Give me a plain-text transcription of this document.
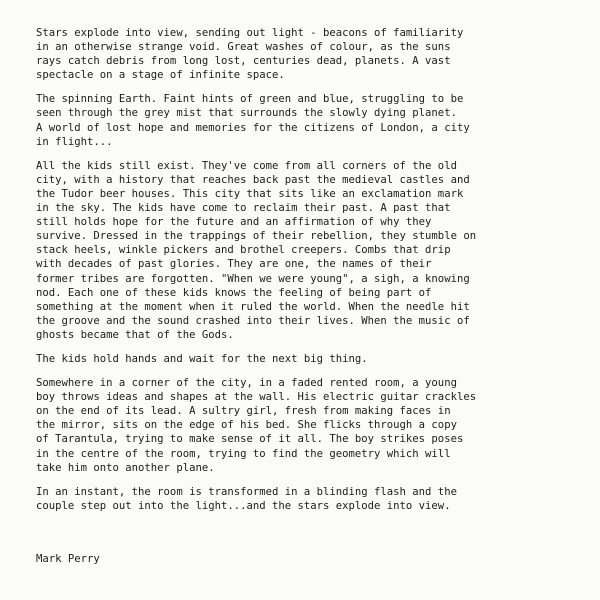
Stars explode into view, sending out light - beacons of familiarity
in an otherwise strange void. Great washes of colour, as the suns
rays catch debris from long lost, centuries dead, planets. A vast
spectacle on a stage of infinite space.

The spinning Earth. Faint hints of green and blue, struggling to be
seen through the grey mist that surrounds the slowly dying planet.
A world of lost hope and memories for the citizens of London, a city
in flight...

All the kids still exist. They've come from all corners of the old
city, with a history that reaches back past the medieval castles and
the Tudor beer houses. This city that sits like an exclamation mark
in the sky. The kids have come to reclaim their past. A past that
still holds hope for the future and an affirmation of why they
survive. Dressed in the trappings of their rebellion, they stumble on
stack heels, winkle pickers and brothel creepers. Combs that drip
with decades of past glories. They are one, the names of their
former tribes are forgotten. "When we were young", a sigh, a knowing
nod. Each one of these kids knows the feeling of being part of
something at the moment when it ruled the world. When the needle hit
the groove and the sound crashed into their lives. When the music of
ghosts became that of the Gods.

The kids hold hands and wait for the next big thing.

Somewhere in a corner of the city, in a faded rented room, a young
boy throws ideas and shapes at the wall. His electric guitar crackles
on the end of its lead. A sultry girl, fresh from making faces in
the mirror, sits on the edge of his bed. She flicks through a copy
of Tarantula, trying to make sense of it all. The boy strikes poses
in the centre of the room, trying to find the geometry which will
take him onto another plane.

In an instant, the room is transformed in a blinding flash and the
couple step out into the light...and the stars explode into view.

Mark Perry
